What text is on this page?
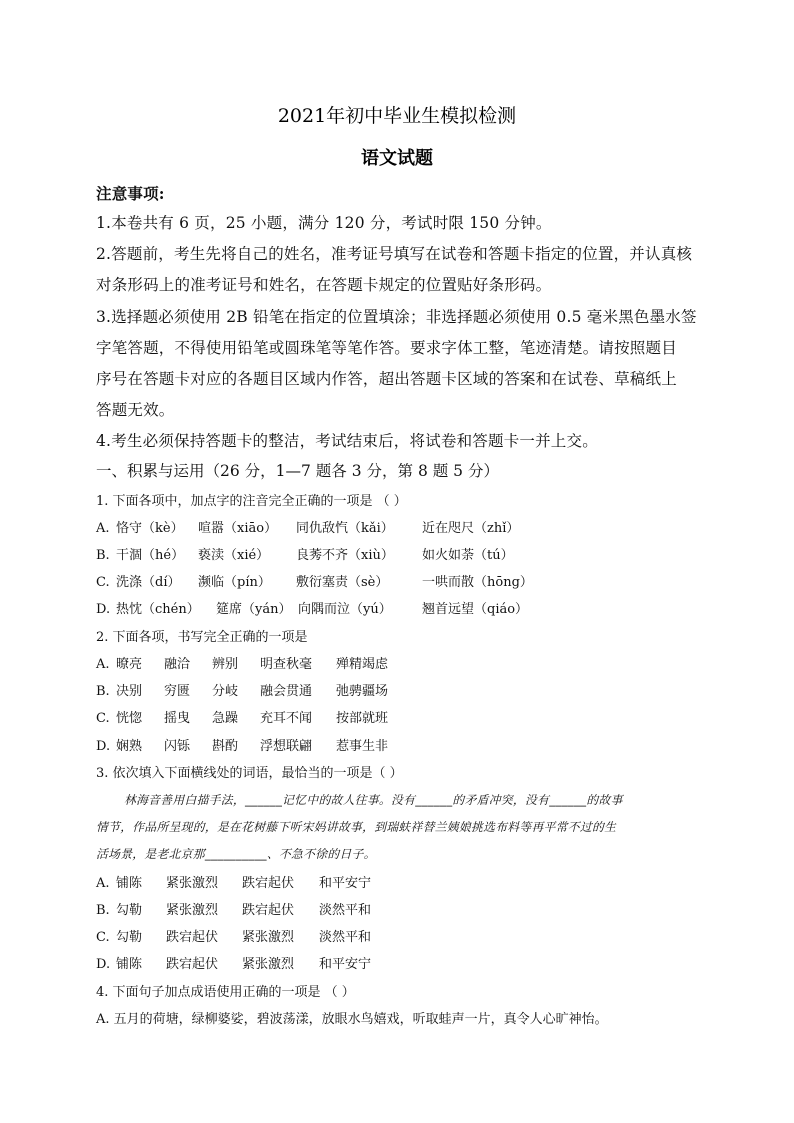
2021年初中毕业生模拟检测
语文试题
注意事项:
1.本卷共有 6 页，25 小题，满分 120 分，考试时限 150 分钟。
2.答题前，考生先将自己的姓名，准考证号填写在试卷和答题卡指定的位置，并认真核
对条形码上的准考证号和姓名，在答题卡规定的位置贴好条形码。
3.选择题必须使用 2B 铅笔在指定的位置填涂；非选择题必须使用 0.5 毫米黑色墨水签
字笔答题，不得使用铅笔或圆珠笔等笔作答。要求字体工整，笔迹清楚。请按照题目
序号在答题卡对应的各题目区域内作答，超出答题卡区域的答案和在试卷、草稿纸上
答题无效。
4.考生必须保持答题卡的整洁，考试结束后，将试卷和答题卡一并上交。
一、积累与运用（26 分，1—7 题各 3 分，第 8 题 5 分）
1. 下面各项中，加点字的注音完全正确的一项是 （ ）
A. 恪守（kè） 喧嚣（xiāo） 同仇敌忾（kǎi） 近在咫尺（zhǐ）
B. 干涸（hé） 亵渎（xié） 良莠不齐（xiù） 如火如荼（tú）
C. 洗涤（dí） 濒临（pín） 敷衍塞责（sè）	一哄而散（hōng）
D. 热忱（chén） 筵席（yán） 向隅而泣（yú） 翘首远望（qiáo）
2. 下面各项，书写完全正确的一项是
A. 暸亮 融洽 辨别 明查秋毫 殚精竭虑
B. 决别 穷匮 分岐 融会贯通 弛骋疆场
C. 恍惚 摇曳 急躁 充耳不闻 按部就班
D. 娴熟 闪铄 斟酌 浮想联翩 惹事生非
3. 依次填入下面横线处的词语，最恰当的一项是（ ）
林海音善用白描手法，______记忆中的故人往事。没有______的矛盾冲突，没有______的故事
情节，作品所呈现的，是在花树藤下听宋妈讲故事，到瑞蚨祥替兰姨娘挑选布料等再平常不过的生
活场景，是老北京那__________、不急不徐的日子。
A. 铺陈 紧张激烈 跌宕起伏 和平安宁
B. 勾勒 紧张激烈 跌宕起伏 淡然平和
C. 勾勒 跌宕起伏 紧张激烈 淡然平和
D. 铺陈 跌宕起伏 紧张激烈 和平安宁
4. 下面句子加点成语使用正确的一项是 （ ）
A. 五月的荷塘，绿柳婆娑，碧波荡漾，放眼水鸟嬉戏，听取蛙声一片，真令人心旷神怡。
